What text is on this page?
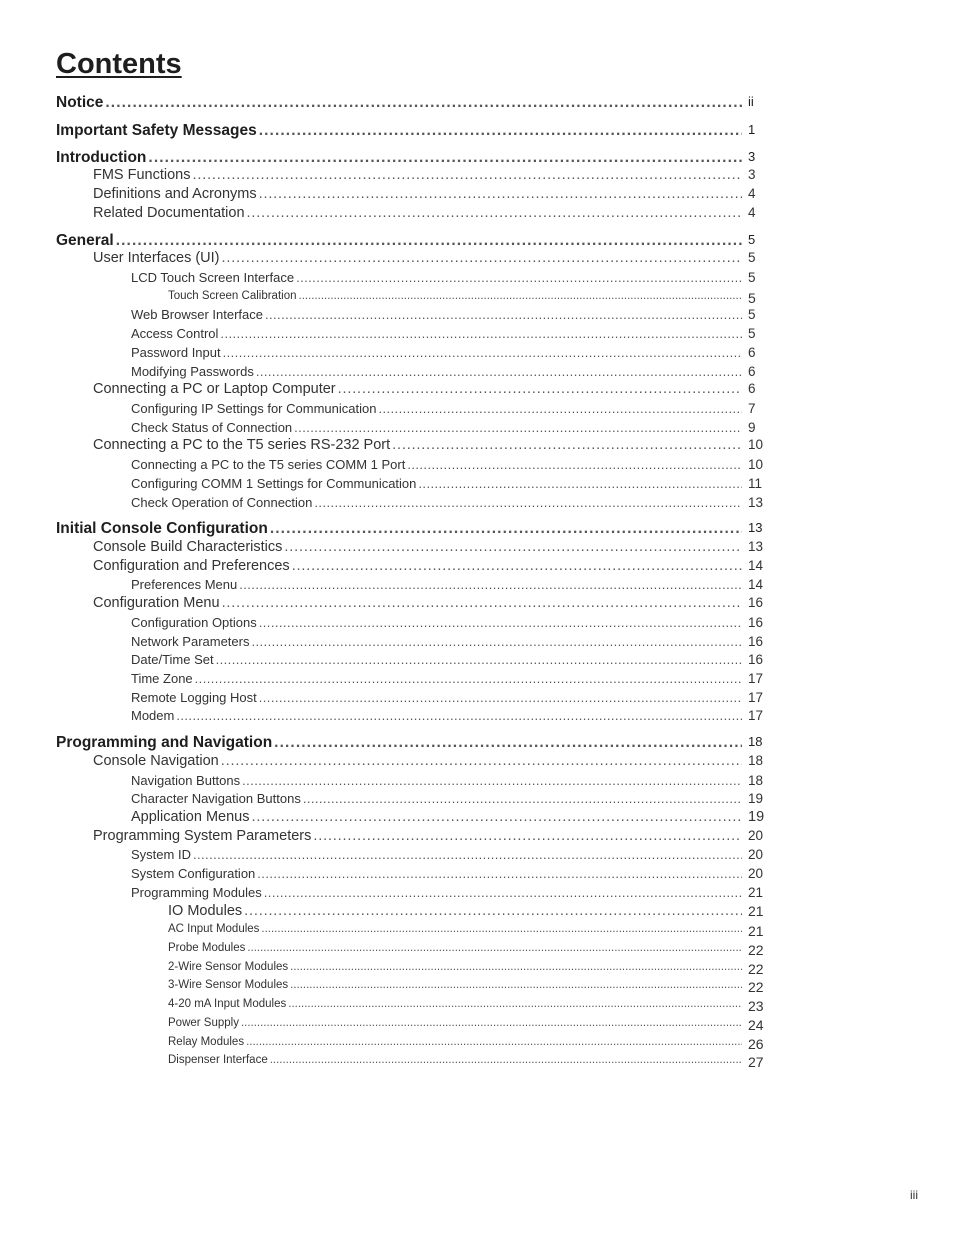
Contents
Notice . . .	ii
Important Safety Messages . . .	1
Introduction . . .	3
FMS Functions . . .	3
Definitions and Acronyms . . .	4
Related Documentation . . .	4
General . . .	5
User Interfaces (UI) . . .	5
LCD Touch Screen Interface . . .	5
Touch Screen Calibration . . .	5
Web Browser Interface . . .	5
Access Control . . .	5
Password Input . . .	6
Modifying Passwords . . .	6
Connecting a PC or Laptop Computer . . .	6
Configuring IP Settings for Communication . . .	7
Check Status of Connection . . .	9
Connecting a PC to the T5 series RS-232 Port . . .	10
Connecting a PC to the T5 series COMM 1 Port . . .	10
Configuring COMM 1 Settings for Communication . . .	11
Check Operation of Connection . . .	13
Initial Console Configuration . . .	13
Console Build Characteristics . . .	13
Configuration and Preferences . . .	14
Preferences Menu . . .	14
Configuration Menu . . .	16
Configuration Options . . .	16
Network Parameters . . .	16
Date/Time Set . . .	16
Time Zone . . .	17
Remote Logging Host . . .	17
Modem . . .	17
Programming and Navigation . . .	18
Console Navigation . . .	18
Navigation Buttons . . .	18
Character Navigation Buttons . . .	19
Application Menus . . .	19
Programming System Parameters . . .	20
System ID . . .	20
System Configuration . . .	20
Programming Modules . . .	21
IO Modules . . .	21
AC Input Modules . . .	21
Probe Modules . . .	22
2-Wire Sensor Modules . . .	22
3-Wire Sensor Modules . . .	22
4-20 mA Input Modules . . .	23
Power Supply . . .	24
Relay Modules . . .	26
Dispenser Interface . . .	27
iii
